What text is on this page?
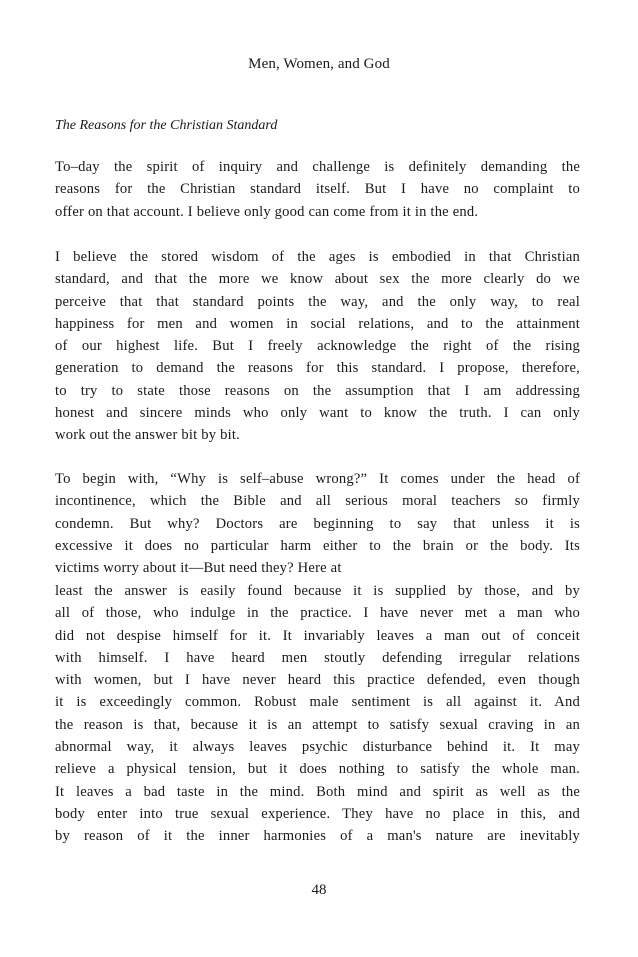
Men, Women, and God
The Reasons for the Christian Standard
To–day the spirit of inquiry and challenge is definitely demanding the
reasons for the Christian standard itself. But I have no complaint to
offer on that account. I believe only good can come from it in the end.
I believe the stored wisdom of the ages is embodied in that Christian
standard, and that the more we know about sex the more clearly do we
perceive that that standard points the way, and the only way, to real
happiness for men and women in social relations, and to the attainment
of our highest life. But I freely acknowledge the right of the rising
generation to demand the reasons for this standard. I propose, therefore,
to try to state those reasons on the assumption that I am addressing
honest and sincere minds who only want to know the truth. I can only
work out the answer bit by bit.
To begin with, “Why is self–abuse wrong?” It comes under the head of
incontinence, which the Bible and all serious moral teachers so firmly
condemn. But why? Doctors are beginning to say that unless it is
excessive it does no particular harm either to the brain or the body. Its
victims worry about it—But need they? Here at
least the answer is easily found because it is supplied by those, and by
all of those, who indulge in the practice. I have never met a man who
did not despise himself for it. It invariably leaves a man out of conceit
with himself. I have heard men stoutly defending irregular relations
with women, but I have never heard this practice defended, even though
it is exceedingly common. Robust male sentiment is all against it. And
the reason is that, because it is an attempt to satisfy sexual craving in an
abnormal way, it always leaves psychic disturbance behind it. It may
relieve a physical tension, but it does nothing to satisfy the whole man.
It leaves a bad taste in the mind. Both mind and spirit as well as the
body enter into true sexual experience. They have no place in this, and
by reason of it the inner harmonies of a man's nature are inevitably
48
